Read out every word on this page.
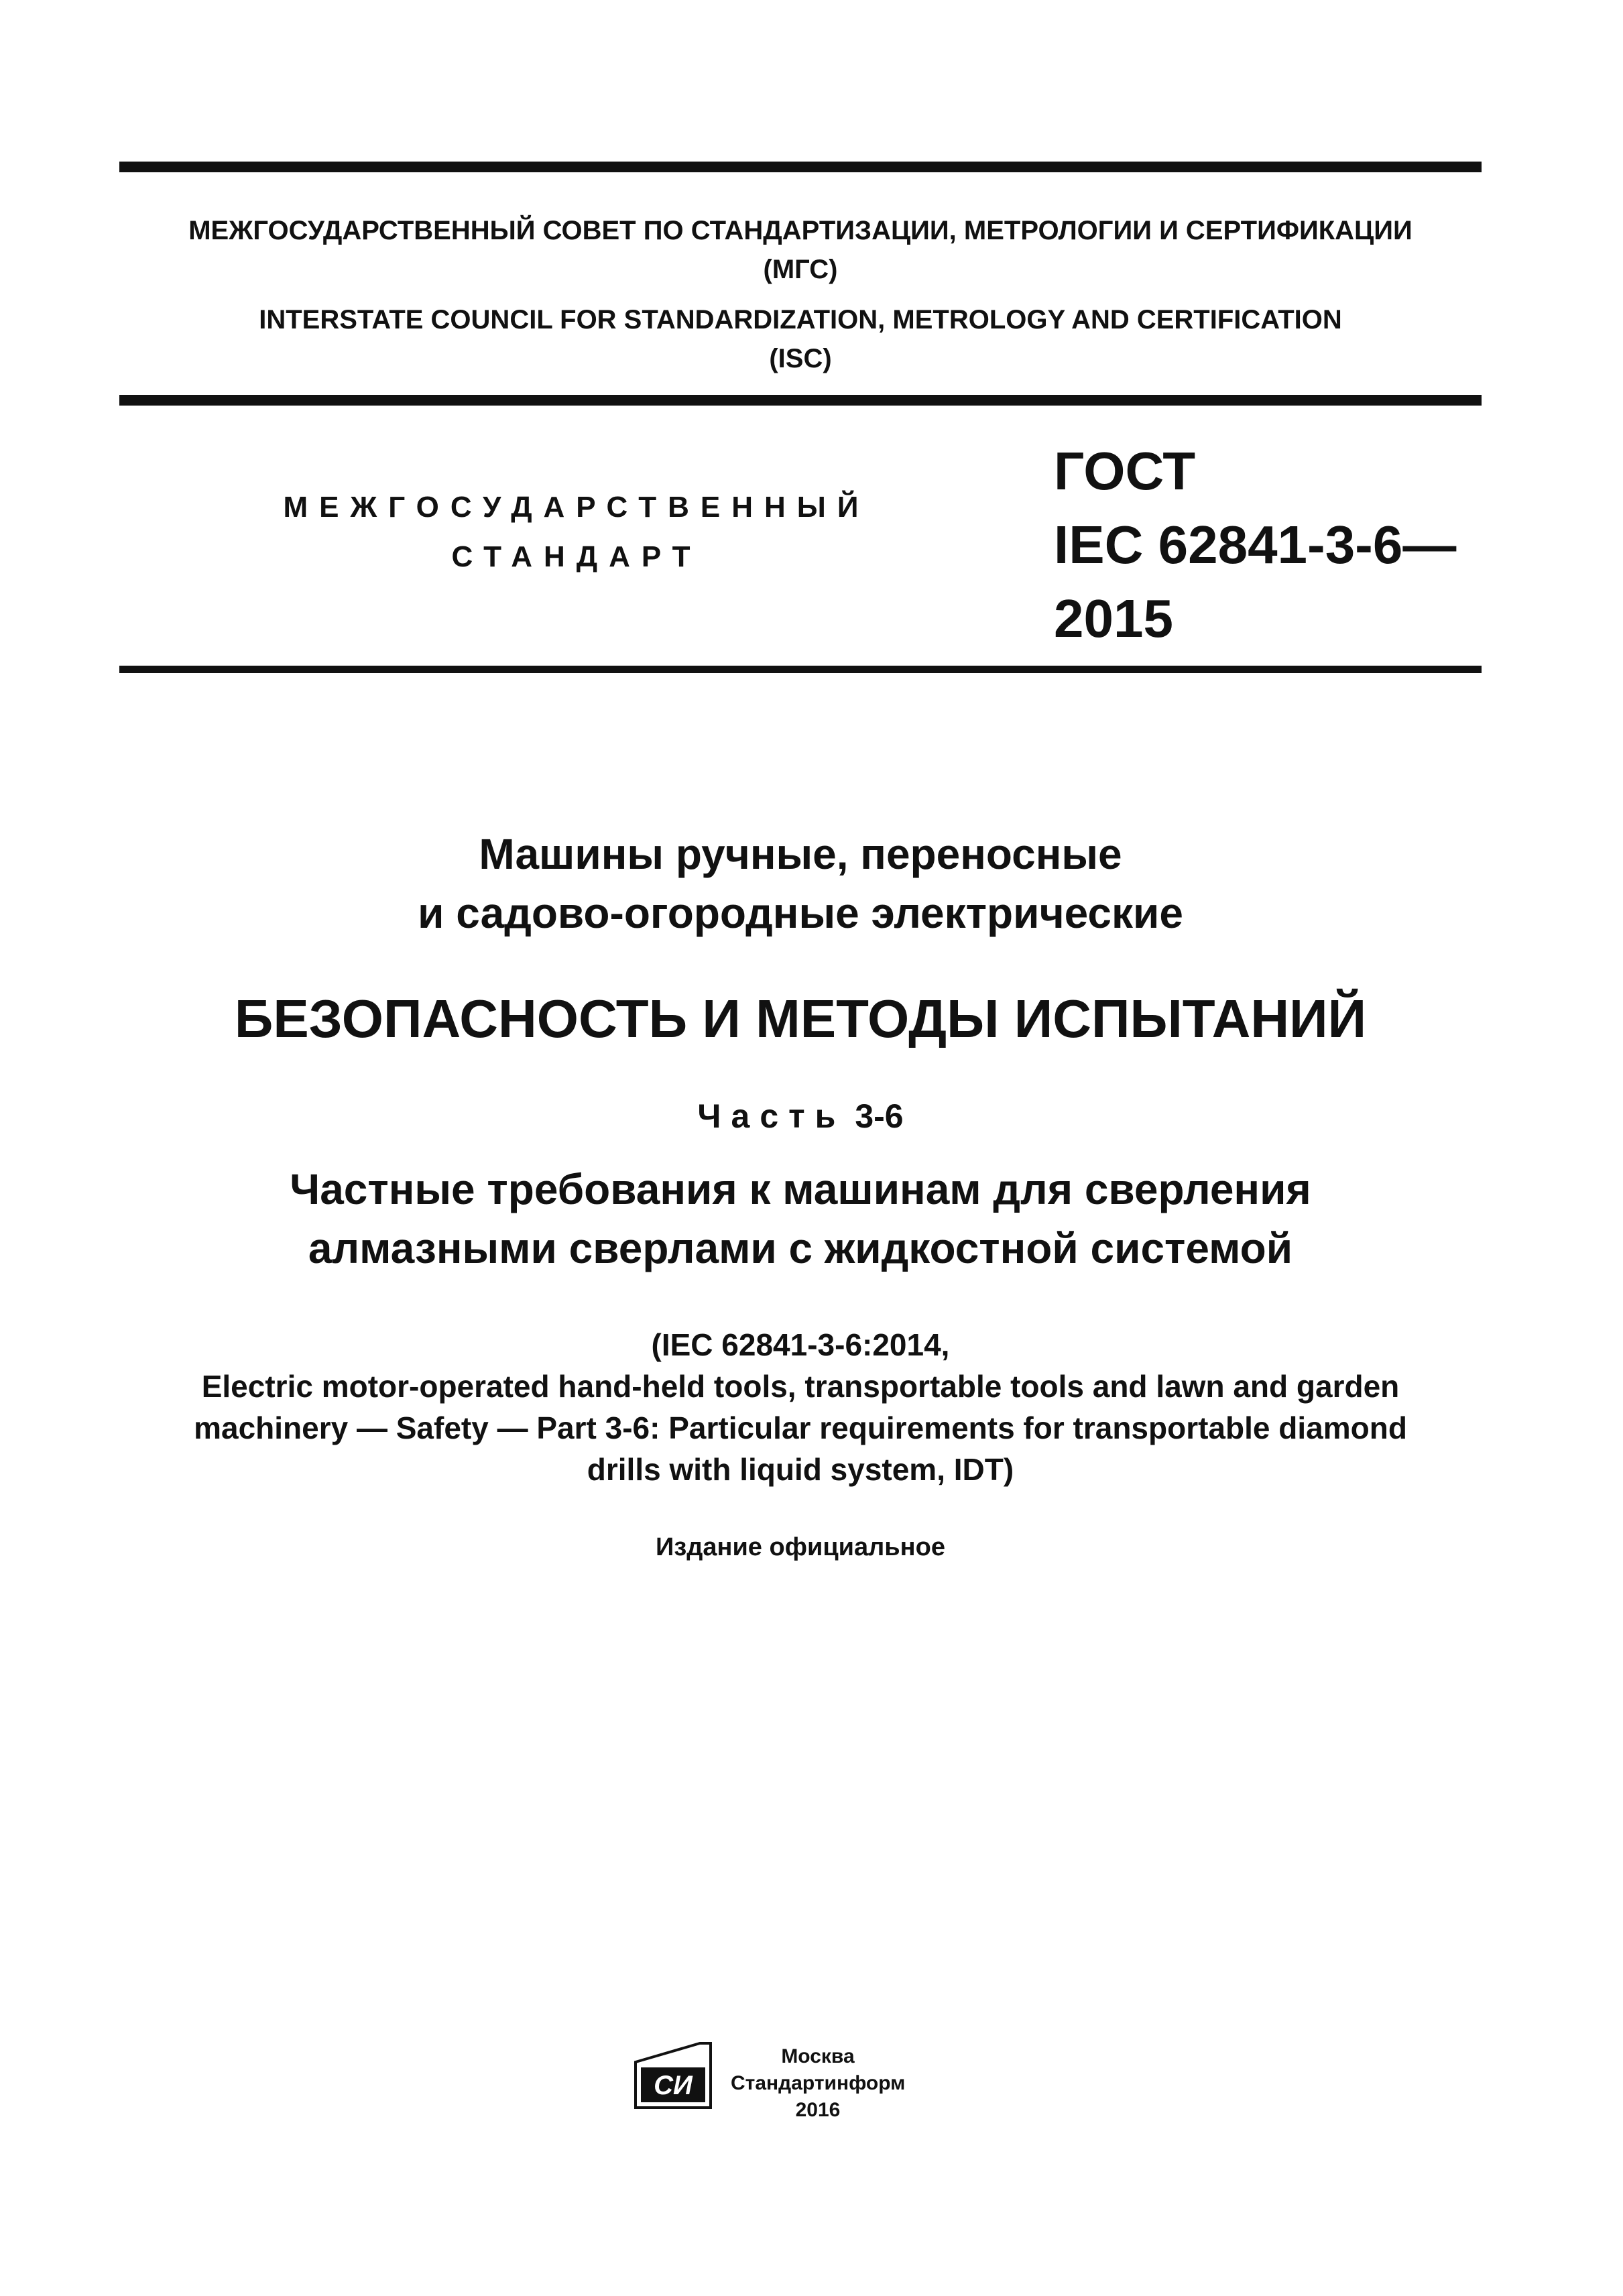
МЕЖГОСУДАРСТВЕННЫЙ СОВЕТ ПО СТАНДАРТИЗАЦИИ, МЕТРОЛОГИИ И СЕРТИФИКАЦИИ
(МГС)
INTERSTATE COUNCIL FOR STANDARDIZATION, METROLOGY AND CERTIFICATION
(ISC)
МЕЖГОСУДАРСТВЕННЫЙ
СТАНДАРТ
ГОСТ
IEC 62841-3-6—
2015
Машины ручные, переносные
и садово-огородные электрические
БЕЗОПАСНОСТЬ И МЕТОДЫ ИСПЫТАНИЙ
Часть 3-6
Частные требования к машинам для сверления
алмазными сверлами с жидкостной системой
(IEC 62841-3-6:2014,
Electric motor-operated hand-held tools, transportable tools and lawn and garden
machinery — Safety — Part 3-6: Particular requirements for transportable diamond
drills with liquid system, IDT)
Издание официальное
СИ
Москва
Стандартинформ
2016
